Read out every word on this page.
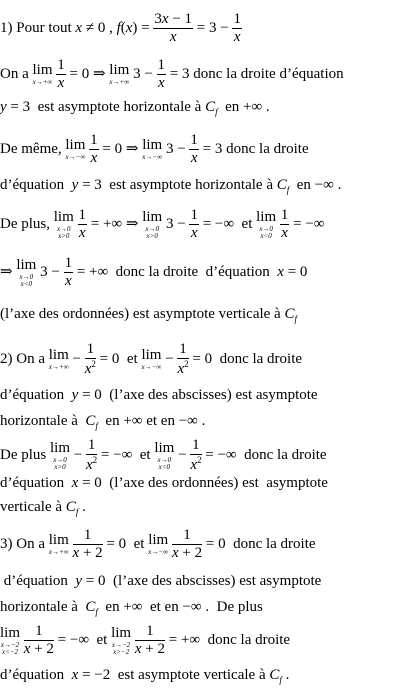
1) Pour tout x ≠ 0 , $f(x) = \frac{3x - 1}{x} = 3 - \frac{1}{x}$
On a lim
x→+∞
$\frac{1}{x} = 0$ ⇒ lim
x→+∞
$3 - \frac{1}{x} = 3$ donc la droite d’équation
y = 3  est asymptote horizontale à $C_f$  en +∞ .
De même, lim
x→−∞
$\frac{1}{x} = 0$ ⇒ lim
x→−∞
$3 - \frac{1}{x} = 3$ donc la droite
d’équation  y = 3  est asymptote horizontale à $C_f$  en −∞ .
De plus, lim
x→0
x>0
$\frac{1}{x}$ = +∞ ⇒ lim
x→0
x>0
$3 - \frac{1}{x}$ = −∞  et lim
x→0
x<0
$\frac{1}{x}$ = −∞
⇒ lim
x→0
x<0
$3 - \frac{1}{x}$ = +∞  donc la droite  d’équation  x = 0
(l’axe des ordonnées) est asymptote verticale à $C_f$
2) On a lim
x→+∞
− $\frac{1}{x^2} = 0$  et lim
x→−∞
− $\frac{1}{x^2} = 0$  donc la droite
d’équation  y = 0  (l’axe des abscisses) est asymptote
horizontale à  $C_f$  en +∞ et en −∞ .
De plus lim
x→0
x>0
− $\frac{1}{x^2}$ = −∞  et lim
x→0
x<0
− $\frac{1}{x^2}$ = −∞  donc la droite
d’équation  x = 0  (l’axe des ordonnées) est  asymptote
verticale à $C_f$ .
3) On a lim
x→+∞
$\frac{1}{x + 2} = 0$  et lim
x→−∞
$\frac{1}{x + 2} = 0$  donc la droite
d’équation  y = 0  (l’axe des abscisses) est asymptote
horizontale à  $C_f$  en +∞  et en −∞ .  De plus
lim
x→−2
x<−2
$\frac{1}{x + 2}$ = −∞  et lim
x→−2
x>−2
$\frac{1}{x + 2}$ = +∞  donc la droite
d’équation  x = −2  est asymptote verticale à $C_f$ .
